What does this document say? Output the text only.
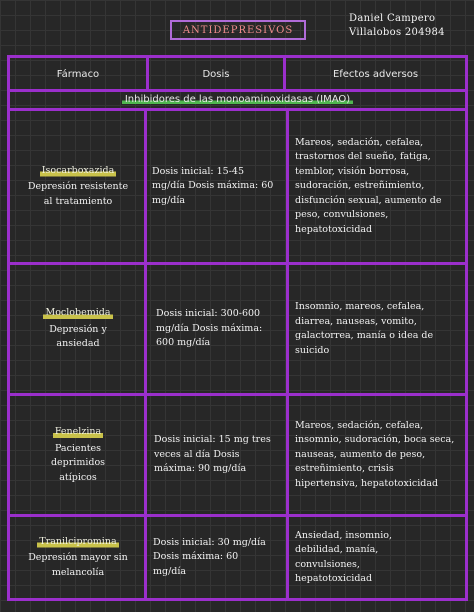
ANTIDEPRESIVOS
Daniel Campero
Villalobos 204984
Fármaco	Dosis	Efectos adversos
Inhibidores de las monoaminoxidasas (IMAO)
Isocarboxazida
Depresión resistente al tratamiento
Dosis inicial: 15-45 mg/día Dosis máxima: 60 mg/día
Mareos, sedación, cefalea, trastornos del sueño, fatiga, temblor, visión borrosa, sudoración, estreñimiento, disfunción sexual, aumento de peso, convulsiones, hepatotoxicidad
Moclobemida
Depresión y ansiedad
Dosis inicial: 300-600 mg/día Dosis máxima: 600 mg/día
Insomnio, mareos, cefalea, diarrea, nauseas, vomito, galactorrea, manía o idea de suicido
Fenelzina
Pacientes deprimidos atípicos
Dosis inicial: 15 mg tres veces al día Dosis máxima: 90 mg/día
Mareos, sedación, cefalea, insomnio, sudoración, boca seca, nauseas, aumento de peso, estreñimiento, crisis hipertensiva, hepatotoxicidad
Tranilcipromina
Depresión mayor sin melancolía
Dosis inicial: 30 mg/día Dosis máxima: 60 mg/día
Ansiedad, insomnio, debilidad, manía, convulsiones, hepatotoxicidad
